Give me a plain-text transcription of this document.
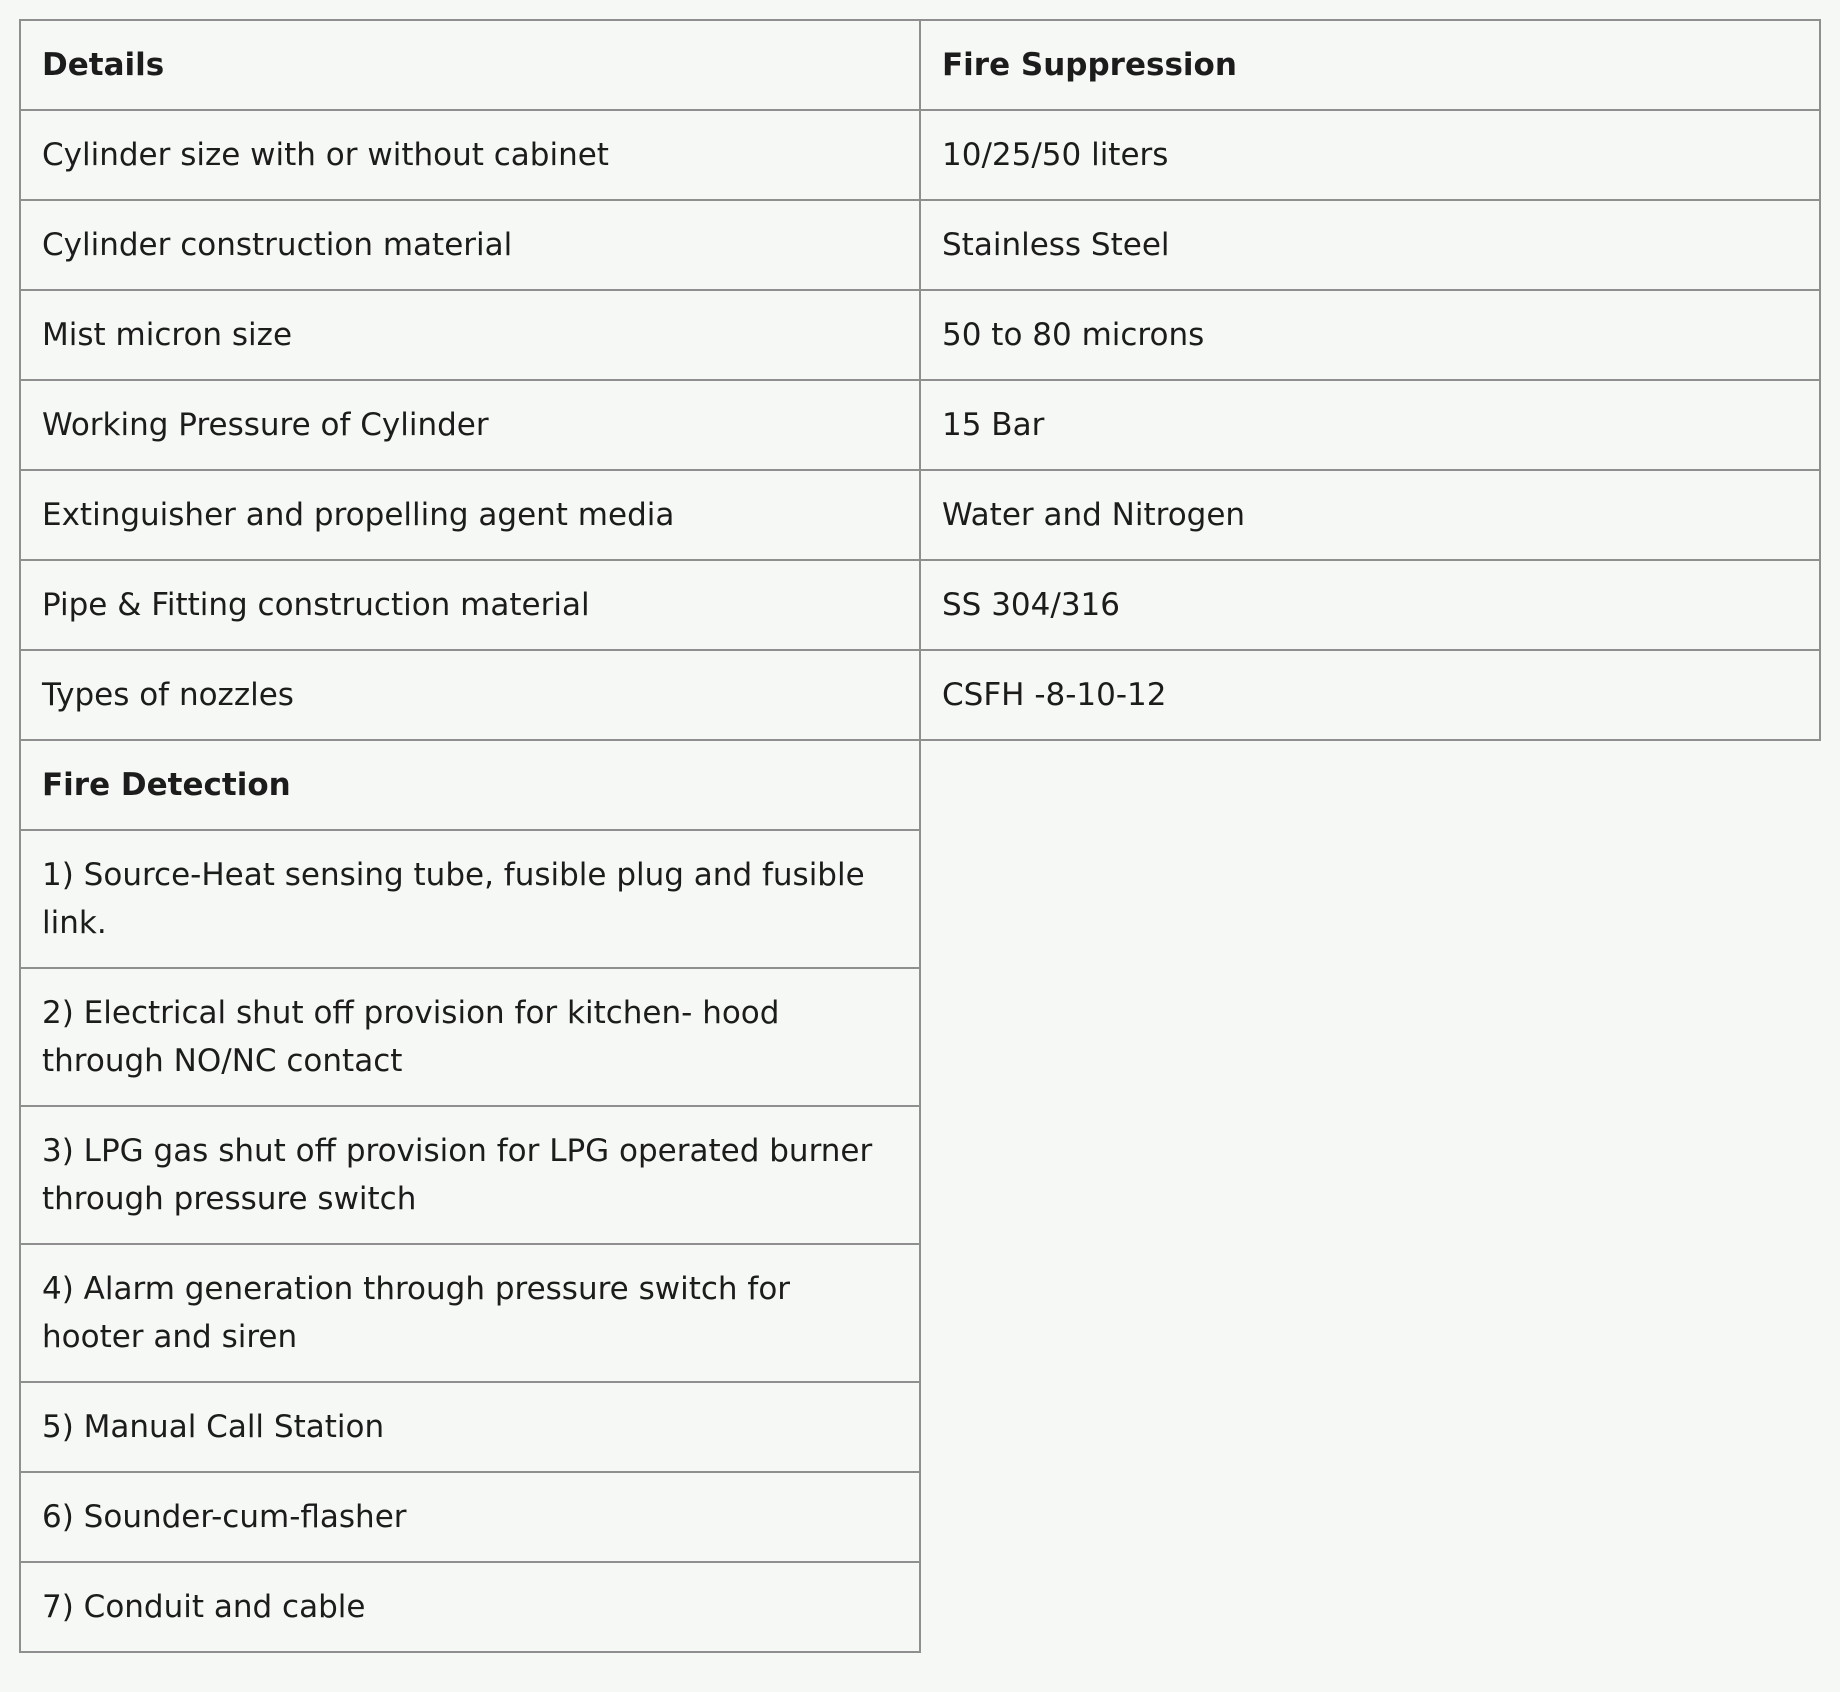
Details	Fire Suppression
Cylinder size with or without cabinet	10/25/50 liters
Cylinder construction material	Stainless Steel
Mist micron size	50 to 80 microns
Working Pressure of Cylinder	15 Bar
Extinguisher and propelling agent media	Water and Nitrogen
Pipe & Fitting construction material	SS 304/316
Types of nozzles	CSFH -8-10-12
Fire Detection	
1) Source-Heat sensing tube, fusible plug and fusible link.	
2) Electrical shut off provision for kitchen- hood through NO/NC contact	
3) LPG gas shut off provision for LPG operated burner through pressure switch	
4) Alarm generation through pressure switch for hooter and siren	
5) Manual Call Station	
6) Sounder-cum-flasher	
7) Conduit and cable	
